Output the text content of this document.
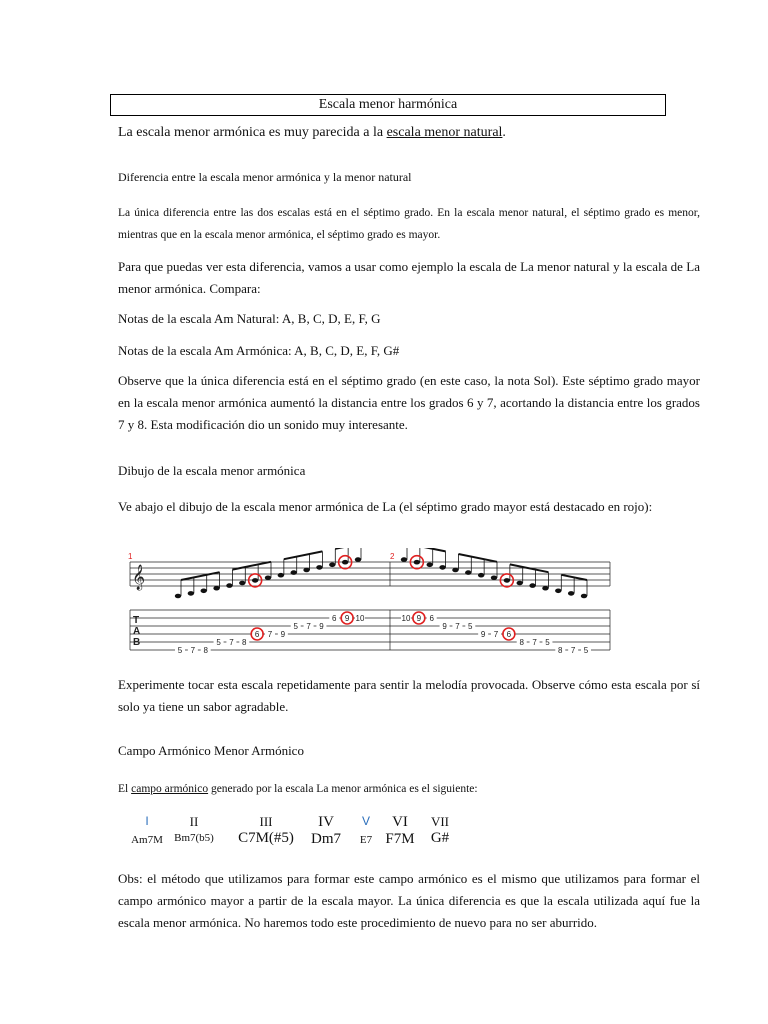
Escala menor harmónica
La escala menor armónica es muy parecida a la escala menor natural.
Diferencia entre la escala menor armónica y la menor natural
La única diferencia entre las dos escalas está en el séptimo grado. En la escala menor natural, el séptimo grado es menor, mientras que en la escala menor armónica, el séptimo grado es mayor.
Para que puedas ver esta diferencia, vamos a usar como ejemplo la escala de La menor natural y la escala de La menor armónica. Compara:
Notas de la escala Am Natural: A, B, C, D, E, F, G
Notas de la escala Am Armónica: A, B, C, D, E, F, G#
Observe que la única diferencia está en el séptimo grado (en este caso, la nota Sol). Este séptimo grado mayor en la escala menor armónica aumentó la distancia entre los grados 6 y 7, acortando la distancia entre los grados 7 y 8. Esta modificación dio un sonido muy interesante.
Dibujo de la escala menor armónica
Ve abajo el dibujo de la escala menor armónica de La (el séptimo grado mayor está destacado en rojo):
1	2
𝄞
T
A
B
5 7 8
5 7 8
6 7 9
5 7 9
6 9 10	10 9 6
9 7 5
9 7 6
8 7 5
8 7 5
Experimente tocar esta escala repetidamente para sentir la melodía provocada. Observe cómo esta escala por sí solo ya tiene un sabor agradable.
Campo Armónico Menor Armónico
El campo armónico generado por la escala La menor armónica es el siguiente:
I
Am7M
II
Bm7(b5)
III
C7M(#5)
IV
Dm7
V
E7
VI
F7M
VII
G#
Obs: el método que utilizamos para formar este campo armónico es el mismo que utilizamos para formar el campo armónico mayor a partir de la escala mayor. La única diferencia es que la escala utilizada aquí fue la escala menor armónica. No haremos todo este procedimiento de nuevo para no ser aburrido.
